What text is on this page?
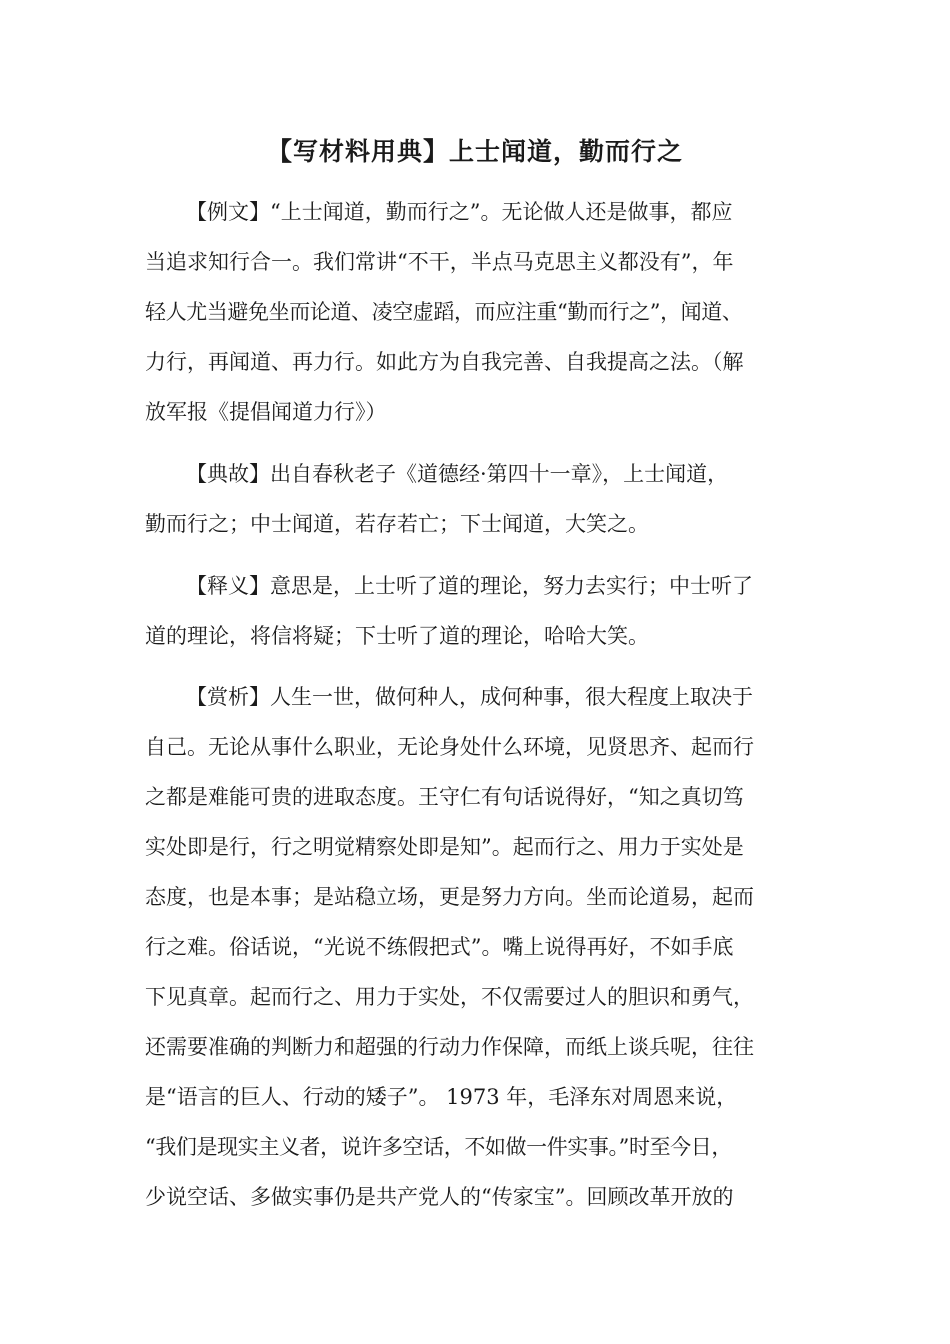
【写材料用典】上士闻道，勤而行之
【例文】“上士闻道，勤而行之”。无论做人还是做事，都应
当追求知行合一。我们常讲“不干，半点马克思主义都没有”，年
轻人尤当避免坐而论道、凌空虚蹈，而应注重“勤而行之”，闻道、
力行，再闻道、再力行。如此方为自我完善、自我提高之法。（解
放军报《提倡闻道力行》）
【典故】出自春秋老子《道德经·第四十一章》，上士闻道，
勤而行之；中士闻道，若存若亡；下士闻道，大笑之。
【释义】意思是，上士听了道的理论，努力去实行；中士听了
道的理论，将信将疑；下士听了道的理论，哈哈大笑。
【赏析】人生一世，做何种人，成何种事，很大程度上取决于
自己。无论从事什么职业，无论身处什么环境，见贤思齐、起而行
之都是难能可贵的进取态度。王守仁有句话说得好，“知之真切笃
实处即是行，行之明觉精察处即是知”。起而行之、用力于实处是
态度，也是本事；是站稳立场，更是努力方向。坐而论道易，起而
行之难。俗话说，“光说不练假把式”。嘴上说得再好，不如手底
下见真章。起而行之、用力于实处，不仅需要过人的胆识和勇气，
还需要准确的判断力和超强的行动力作保障，而纸上谈兵呢，往往
是“语言的巨人、行动的矮子”。 1973 年，毛泽东对周恩来说，
“我们是现实主义者，说许多空话，不如做一件实事。”时至今日，
少说空话、多做实事仍是共产党人的“传家宝”。回顾改革开放的
